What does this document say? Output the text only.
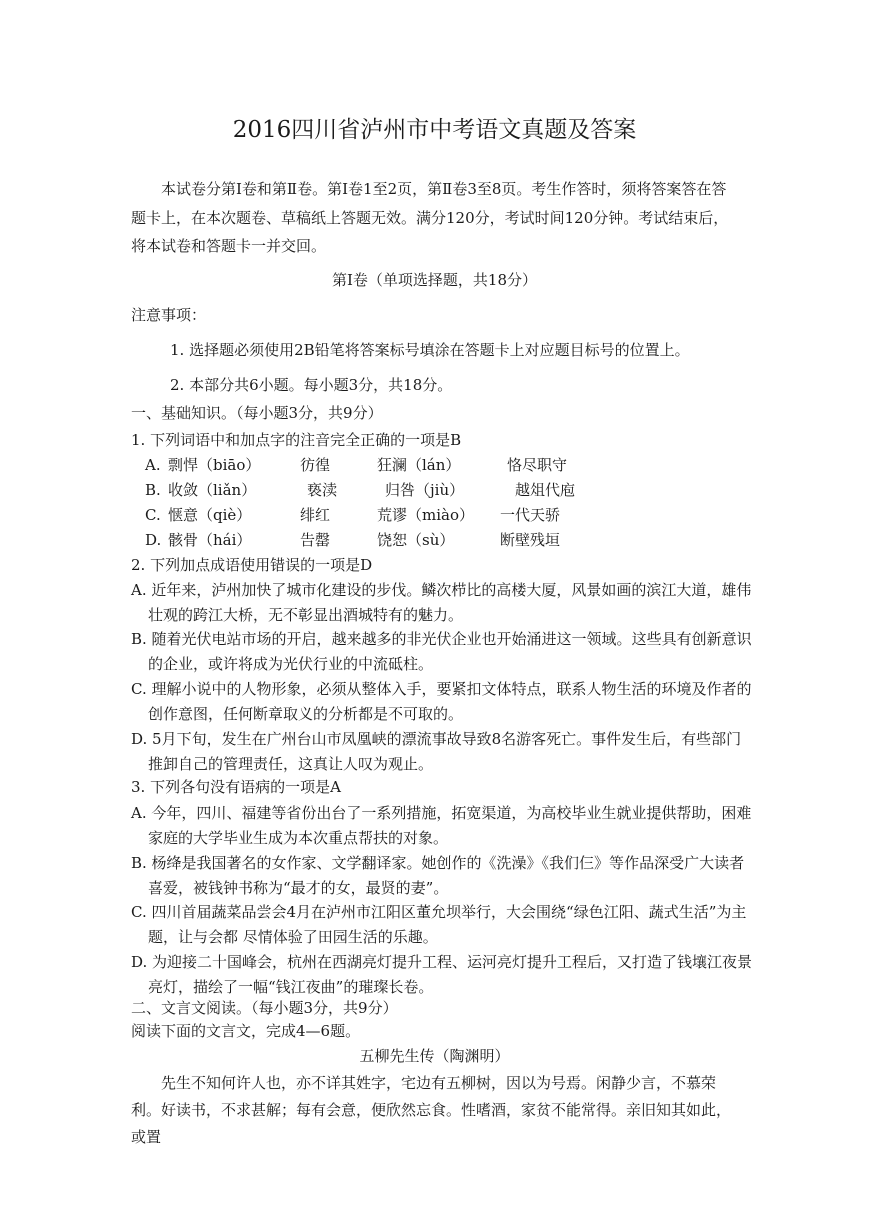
2016四川省泸州市中考语文真题及答案
本试卷分第Ⅰ卷和第Ⅱ卷。第Ⅰ卷1至2页，第Ⅱ卷3至8页。考生作答时，须将答案答在答题卡上，在本次题卷、草稿纸上答题无效。满分120分，考试时间120分钟。考试结束后，将本试卷和答题卡一并交回。
第Ⅰ卷（单项选择题，共18分）
注意事项：
1. 选择题必须使用2B铅笔将答案标号填涂在答题卡上对应题目标号的位置上。
2. 本部分共6小题。每小题3分，共18分。
一、基础知识。（每小题3分，共9分）
1. 下列词语中和加点字的注音完全正确的一项是B
A. 剽悍（biāo）	彷徨	狂澜（lán）	恪尽职守
B. 收敛（liǎn）	亵渎	归咎（jiù）	越俎代庖
C. 惬意（qiè）	绯红	荒谬（miào） 一代天骄
D. 骸骨（hái）	告罄	饶恕（sù）	断壁残垣
2. 下列加点成语使用错误的一项是D
A. 近年来，泸州加快了城市化建设的步伐。鳞次栉比的高楼大厦，风景如画的滨江大道，雄伟壮观的跨江大桥，无不彰显出酒城特有的魅力。
B. 随着光伏电站市场的开启，越来越多的非光伏企业也开始涌进这一领域。这些具有创新意识的企业，或许将成为光伏行业的中流砥柱。
C. 理解小说中的人物形象，必须从整体入手，要紧扣文体特点，联系人物生活的环境及作者的创作意图，任何断章取义的分析都是不可取的。
D. 5月下旬，发生在广州台山市凤凰峡的漂流事故导致8名游客死亡。事件发生后，有些部门推卸自己的管理责任，这真让人叹为观止。
3. 下列各句没有语病的一项是A
A. 今年，四川、福建等省份出台了一系列措施，拓宽渠道，为高校毕业生就业提供帮助，困难家庭的大学毕业生成为本次重点帮扶的对象。
B. 杨绛是我国著名的女作家、文学翻译家。她创作的《洗澡》《我们仨》等作品深受广大读者喜爱，被钱钟书称为“最才的女，最贤的妻”。
C. 四川首届蔬菜品尝会4月在泸州市江阳区董允坝举行，大会围绕“绿色江阳、蔬式生活”为主题，让与会都 尽情体验了田园生活的乐趣。
D. 为迎接二十国峰会，杭州在西湖亮灯提升工程、运河亮灯提升工程后，又打造了钱壤江夜景亮灯，描绘了一幅“钱江夜曲”的璀璨长卷。
二、文言文阅读。（每小题3分，共9分）
阅读下面的文言文，完成4—6题。
五柳先生传（陶渊明）
先生不知何许人也，亦不详其姓字，宅边有五柳树，因以为号焉。闲静少言，不慕荣利。好读书，不求甚解；每有会意，便欣然忘食。性嗜酒，家贫不能常得。亲旧知其如此，或置
